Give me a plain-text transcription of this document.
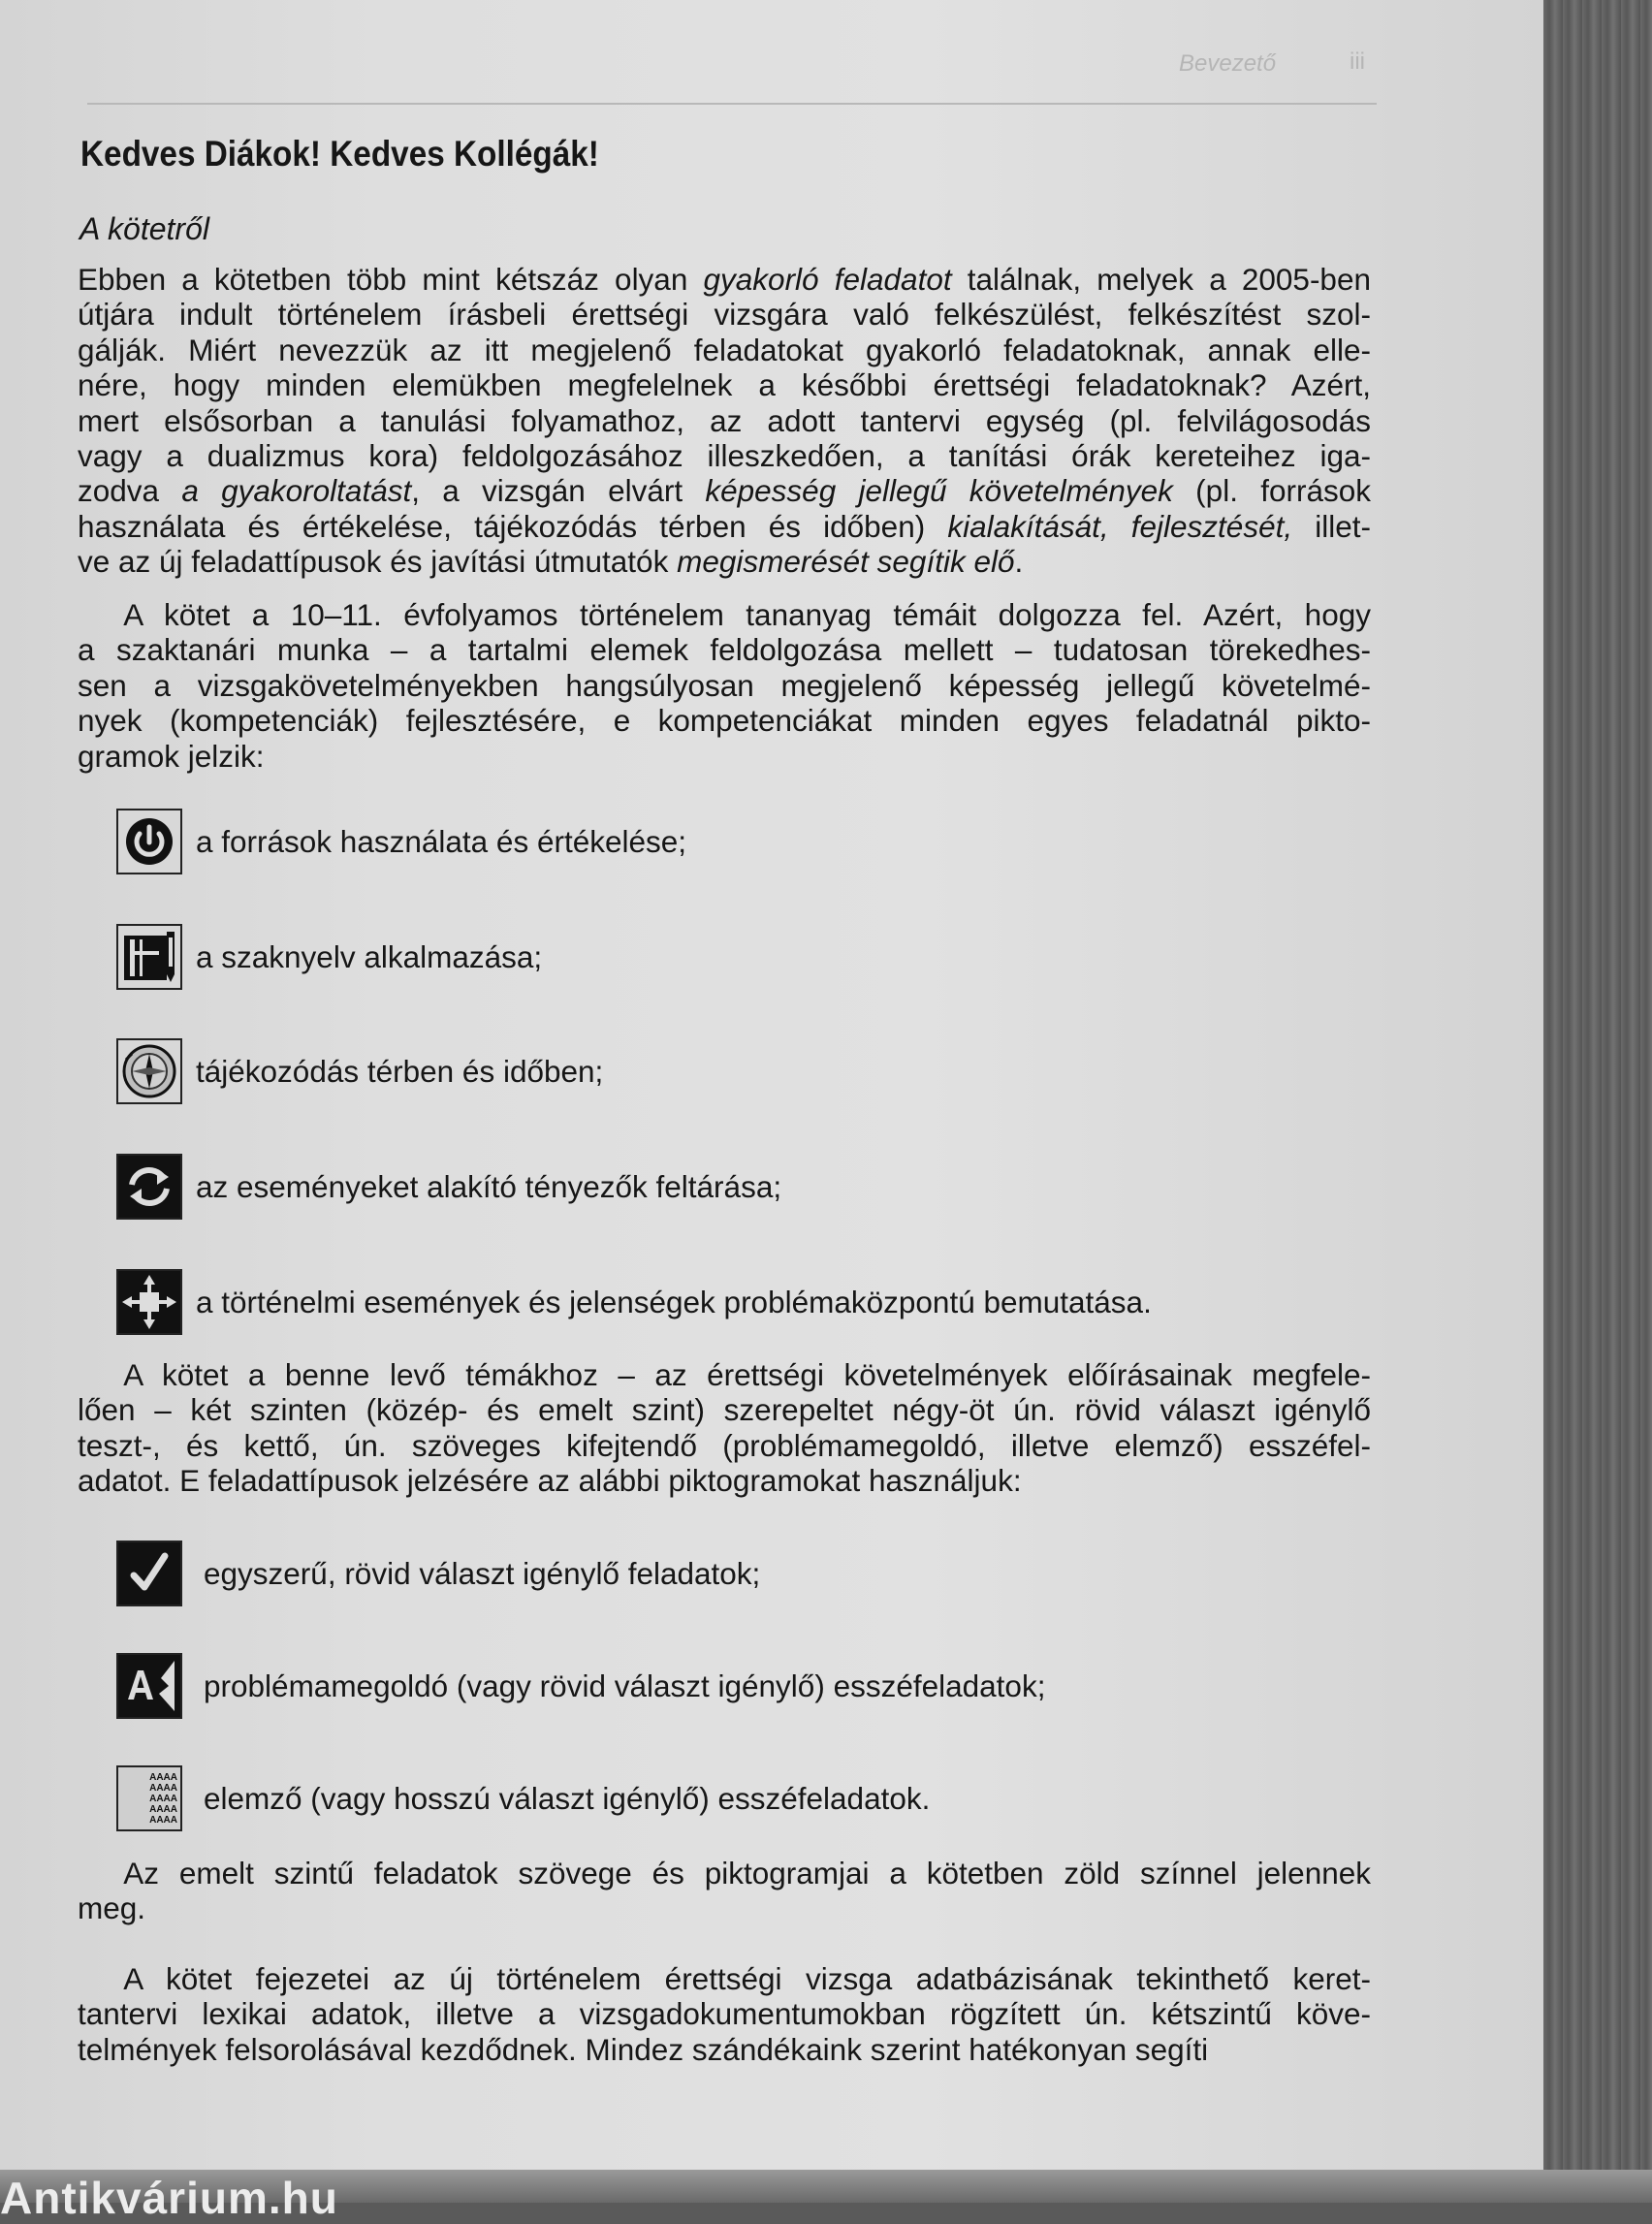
Bevezető	iii
Kedves Diákok! Kedves Kollégák!
A kötetről
Ebben a kötetben több mint kétszáz olyan gyakorló feladatot találnak, melyek a 2005-ben
útjára indult történelem írásbeli érettségi vizsgára való felkészülést, felkészítést szol-
gálják. Miért nevezzük az itt megjelenő feladatokat gyakorló feladatoknak, annak elle-
nére, hogy minden elemükben megfelelnek a későbbi érettségi feladatoknak? Azért,
mert elsősorban a tanulási folyamathoz, az adott tantervi egység (pl. felvilágosodás
vagy a dualizmus kora) feldolgozásához illeszkedően, a tanítási órák kereteihez iga-
zodva a gyakoroltatást, a vizsgán elvárt képesség jellegű követelmények (pl. források
használata és értékelése, tájékozódás térben és időben) kialakítását, fejlesztését, illet-
ve az új feladattípusok és javítási útmutatók megismerését segítik elő.
  A kötet a 10–11. évfolyamos történelem tananyag témáit dolgozza fel. Azért, hogy
a szaktanári munka – a tartalmi elemek feldolgozása mellett – tudatosan törekedhes-
sen a vizsgakövetelményekben hangsúlyosan megjelenő képesség jellegű követelmé-
nyek (kompetenciák) fejlesztésére, e kompetenciákat minden egyes feladatnál pikto-
gramok jelzik:
a források használata és értékelése;
a szaknyelv alkalmazása;
tájékozódás térben és időben;
az eseményeket alakító tényezők feltárása;
a történelmi események és jelenségek problémaközpontú bemutatása.
  A kötet a benne levő témákhoz – az érettségi követelmények előírásainak megfele-
lően – két szinten (közép- és emelt szint) szerepeltet négy-öt ún. rövid választ igénylő
teszt-, és kettő, ún. szöveges kifejtendő (problémamegoldó, illetve elemző) esszéfel-
adatot. E feladattípusok jelzésére az alábbi piktogramokat használjuk:
egyszerű, rövid választ igénylő feladatok;
problémamegoldó (vagy rövid választ igénylő) esszéfeladatok;
AAAA
AAAA
AAAA
AAAA
AAAA
elemző (vagy hosszú választ igénylő) esszéfeladatok.
  Az emelt szintű feladatok szövege és piktogramjai a kötetben zöld színnel jelennek
meg.
  A kötet fejezetei az új történelem érettségi vizsga adatbázisának tekinthető keret-
tantervi lexikai adatok, illetve a vizsgadokumentumokban rögzített ún. kétszintű köve-
telmények felsorolásával kezdődnek. Mindez szándékaink szerint hatékonyan segíti
Antikvárium.hu
